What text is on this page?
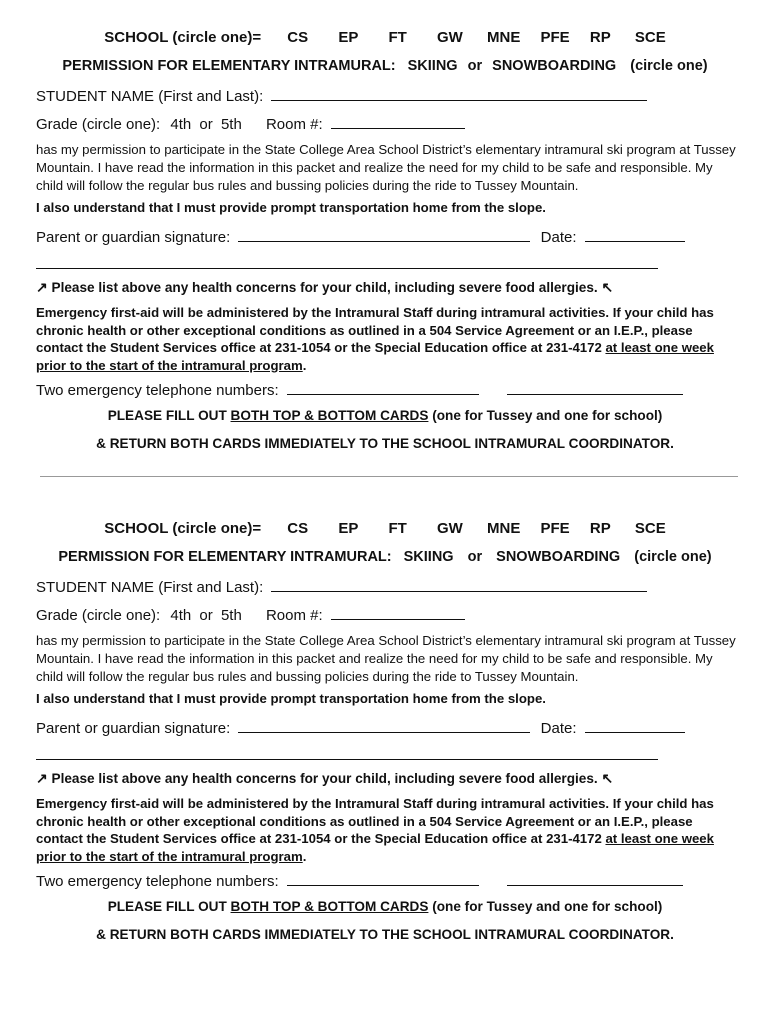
SCHOOL (circle one)= CS EP FT GW MNE PFE RP SCE
PERMISSION FOR ELEMENTARY INTRAMURAL: SKIING or SNOWBOARDING (circle one)
STUDENT NAME (First and Last):
Grade (circle one): 4th or 5th Room #:
has my permission to participate in the State College Area School District’s elementary intramural ski program at Tussey Mountain. I have read the information in this packet and realize the need for my child to be safe and responsible. My child will follow the regular bus rules and bussing policies during the ride to Tussey Mountain.
I also understand that I must provide prompt transportation home from the slope.
Parent or guardian signature:	Date:
↗ Please list above any health concerns for your child, including severe food allergies. ↖
Emergency first-aid will be administered by the Intramural Staff during intramural activities. If your child has chronic health or other exceptional conditions as outlined in a 504 Service Agreement or an I.E.P., please contact the Student Services office at 231-1054 or the Special Education office at 231-4172 at least one week prior to the start of the intramural program.
Two emergency telephone numbers:
PLEASE FILL OUT BOTH TOP & BOTTOM CARDS (one for Tussey and one for school)
& RETURN BOTH CARDS IMMEDIATELY TO THE SCHOOL INTRAMURAL COORDINATOR.
SCHOOL (circle one)= CS EP FT GW MNE PFE RP SCE
PERMISSION FOR ELEMENTARY INTRAMURAL: SKIING or SNOWBOARDING (circle one)
STUDENT NAME (First and Last):
Grade (circle one): 4th or 5th Room #:
has my permission to participate in the State College Area School District’s elementary intramural ski program at Tussey Mountain. I have read the information in this packet and realize the need for my child to be safe and responsible. My child will follow the regular bus rules and bussing policies during the ride to Tussey Mountain.
I also understand that I must provide prompt transportation home from the slope.
Parent or guardian signature:	Date:
↗ Please list above any health concerns for your child, including severe food allergies. ↖
Emergency first-aid will be administered by the Intramural Staff during intramural activities. If your child has chronic health or other exceptional conditions as outlined in a 504 Service Agreement or an I.E.P., please contact the Student Services office at 231-1054 or the Special Education office at 231-4172 at least one week prior to the start of the intramural program.
Two emergency telephone numbers:
PLEASE FILL OUT BOTH TOP & BOTTOM CARDS (one for Tussey and one for school)
& RETURN BOTH CARDS IMMEDIATELY TO THE SCHOOL INTRAMURAL COORDINATOR.
